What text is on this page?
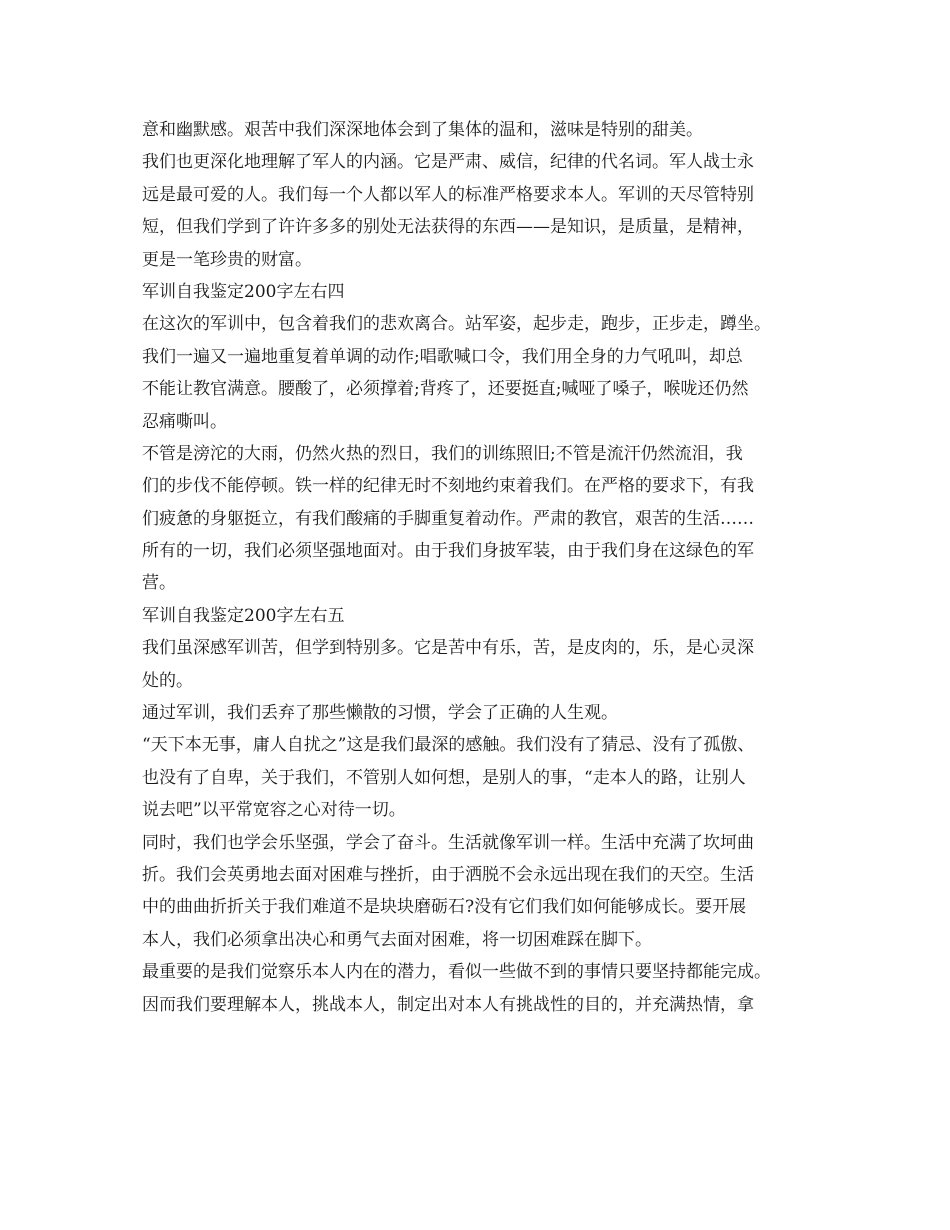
意和幽默感。艰苦中我们深深地体会到了集体的温和，滋味是特别的甜美。
我们也更深化地理解了军人的内涵。它是严肃、威信，纪律的代名词。军人战士永
远是最可爱的人。我们每一个人都以军人的标准严格要求本人。军训的天尽管特别
短，但我们学到了许许多多的别处无法获得的东西——是知识，是质量，是精神，
更是一笔珍贵的财富。
军训自我鉴定200字左右四
在这次的军训中，包含着我们的悲欢离合。站军姿，起步走，跑步，正步走，蹲坐。
我们一遍又一遍地重复着单调的动作;唱歌喊口令，我们用全身的力气吼叫，却总
不能让教官满意。腰酸了，必须撑着;背疼了，还要挺直;喊哑了嗓子，喉咙还仍然
忍痛嘶叫。
不管是滂沱的大雨，仍然火热的烈日，我们的训练照旧;不管是流汗仍然流泪，我
们的步伐不能停顿。铁一样的纪律无时不刻地约束着我们。在严格的要求下，有我
们疲惫的身躯挺立，有我们酸痛的手脚重复着动作。严肃的教官，艰苦的生活……
所有的一切，我们必须坚强地面对。由于我们身披军装，由于我们身在这绿色的军
营。
军训自我鉴定200字左右五
我们虽深感军训苦，但学到特别多。它是苦中有乐，苦，是皮肉的，乐，是心灵深
处的。
通过军训，我们丢弃了那些懒散的习惯，学会了正确的人生观。
“天下本无事，庸人自扰之”这是我们最深的感触。我们没有了猜忌、没有了孤傲、
也没有了自卑，关于我们，不管别人如何想，是别人的事，“走本人的路，让别人
说去吧”以平常宽容之心对待一切。
同时，我们也学会乐坚强，学会了奋斗。生活就像军训一样。生活中充满了坎坷曲
折。我们会英勇地去面对困难与挫折，由于洒脱不会永远出现在我们的天空。生活
中的曲曲折折关于我们难道不是块块磨砺石?没有它们我们如何能够成长。要开展
本人，我们必须拿出决心和勇气去面对困难，将一切困难踩在脚下。
最重要的是我们觉察乐本人内在的潜力，看似一些做不到的事情只要坚持都能完成。
因而我们要理解本人，挑战本人，制定出对本人有挑战性的目的，并充满热情，拿
